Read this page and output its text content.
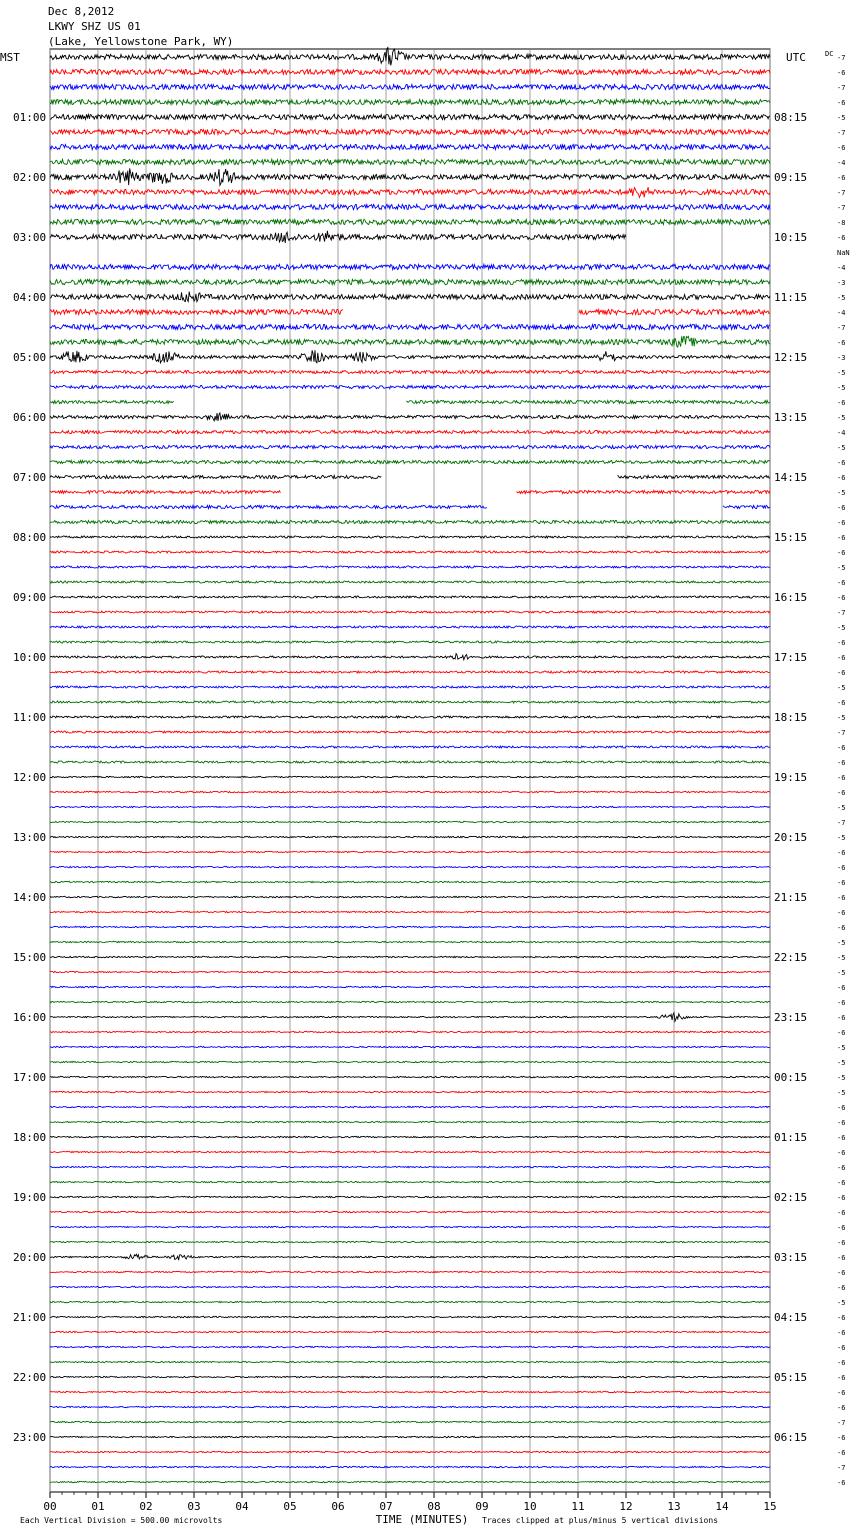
Dec 8,2012
LKWY SHZ US 01
(Lake, Yellowstone Park, WY)
01:00
02:00
03:00
04:00
05:00
06:00
07:00
08:00
09:00
10:00
11:00
12:00
13:00
14:00
15:00
16:00
17:00
18:00
19:00
20:00
21:00
22:00
23:00
08:15
09:15
10:15
11:15
12:15
13:15
14:15
15:15
16:15
17:15
18:15
19:15
20:15
21:15
22:15
23:15
00:15
01:15
02:15
03:15
04:15
05:15
06:15
-7
-6
-7
-6
-5
-7
-6
-4
-6
-7
-7
-8
-6
NaN
-4
-3
-5
-4
-7
-6
-3
-5
-5
-6
-5
-4
-5
-6
-6
-5
-6
-6
-6
-6
-5
-6
-6
-7
-5
-6
-6
-6
-5
-6
-5
-7
-6
-6
-6
-6
-5
-7
-5
-6
-6
-6
-6
-6
-6
-5
-5
-5
-6
-6
-6
-6
-5
-5
-5
-5
-6
-6
-6
-6
-6
-6
-6
-6
-6
-6
-6
-6
-6
-5
-6
-6
-6
-6
-6
-6
-6
-7
-6
-6
-7
-6
00	01	02	03	04	05	06	07	08	09	10	11	12	13	14	15
MST	UTC
TIME (MINUTES)
DC
Each Vertical Division = 500.00 microvolts	Traces clipped at plus/minus 5 vertical divisions
